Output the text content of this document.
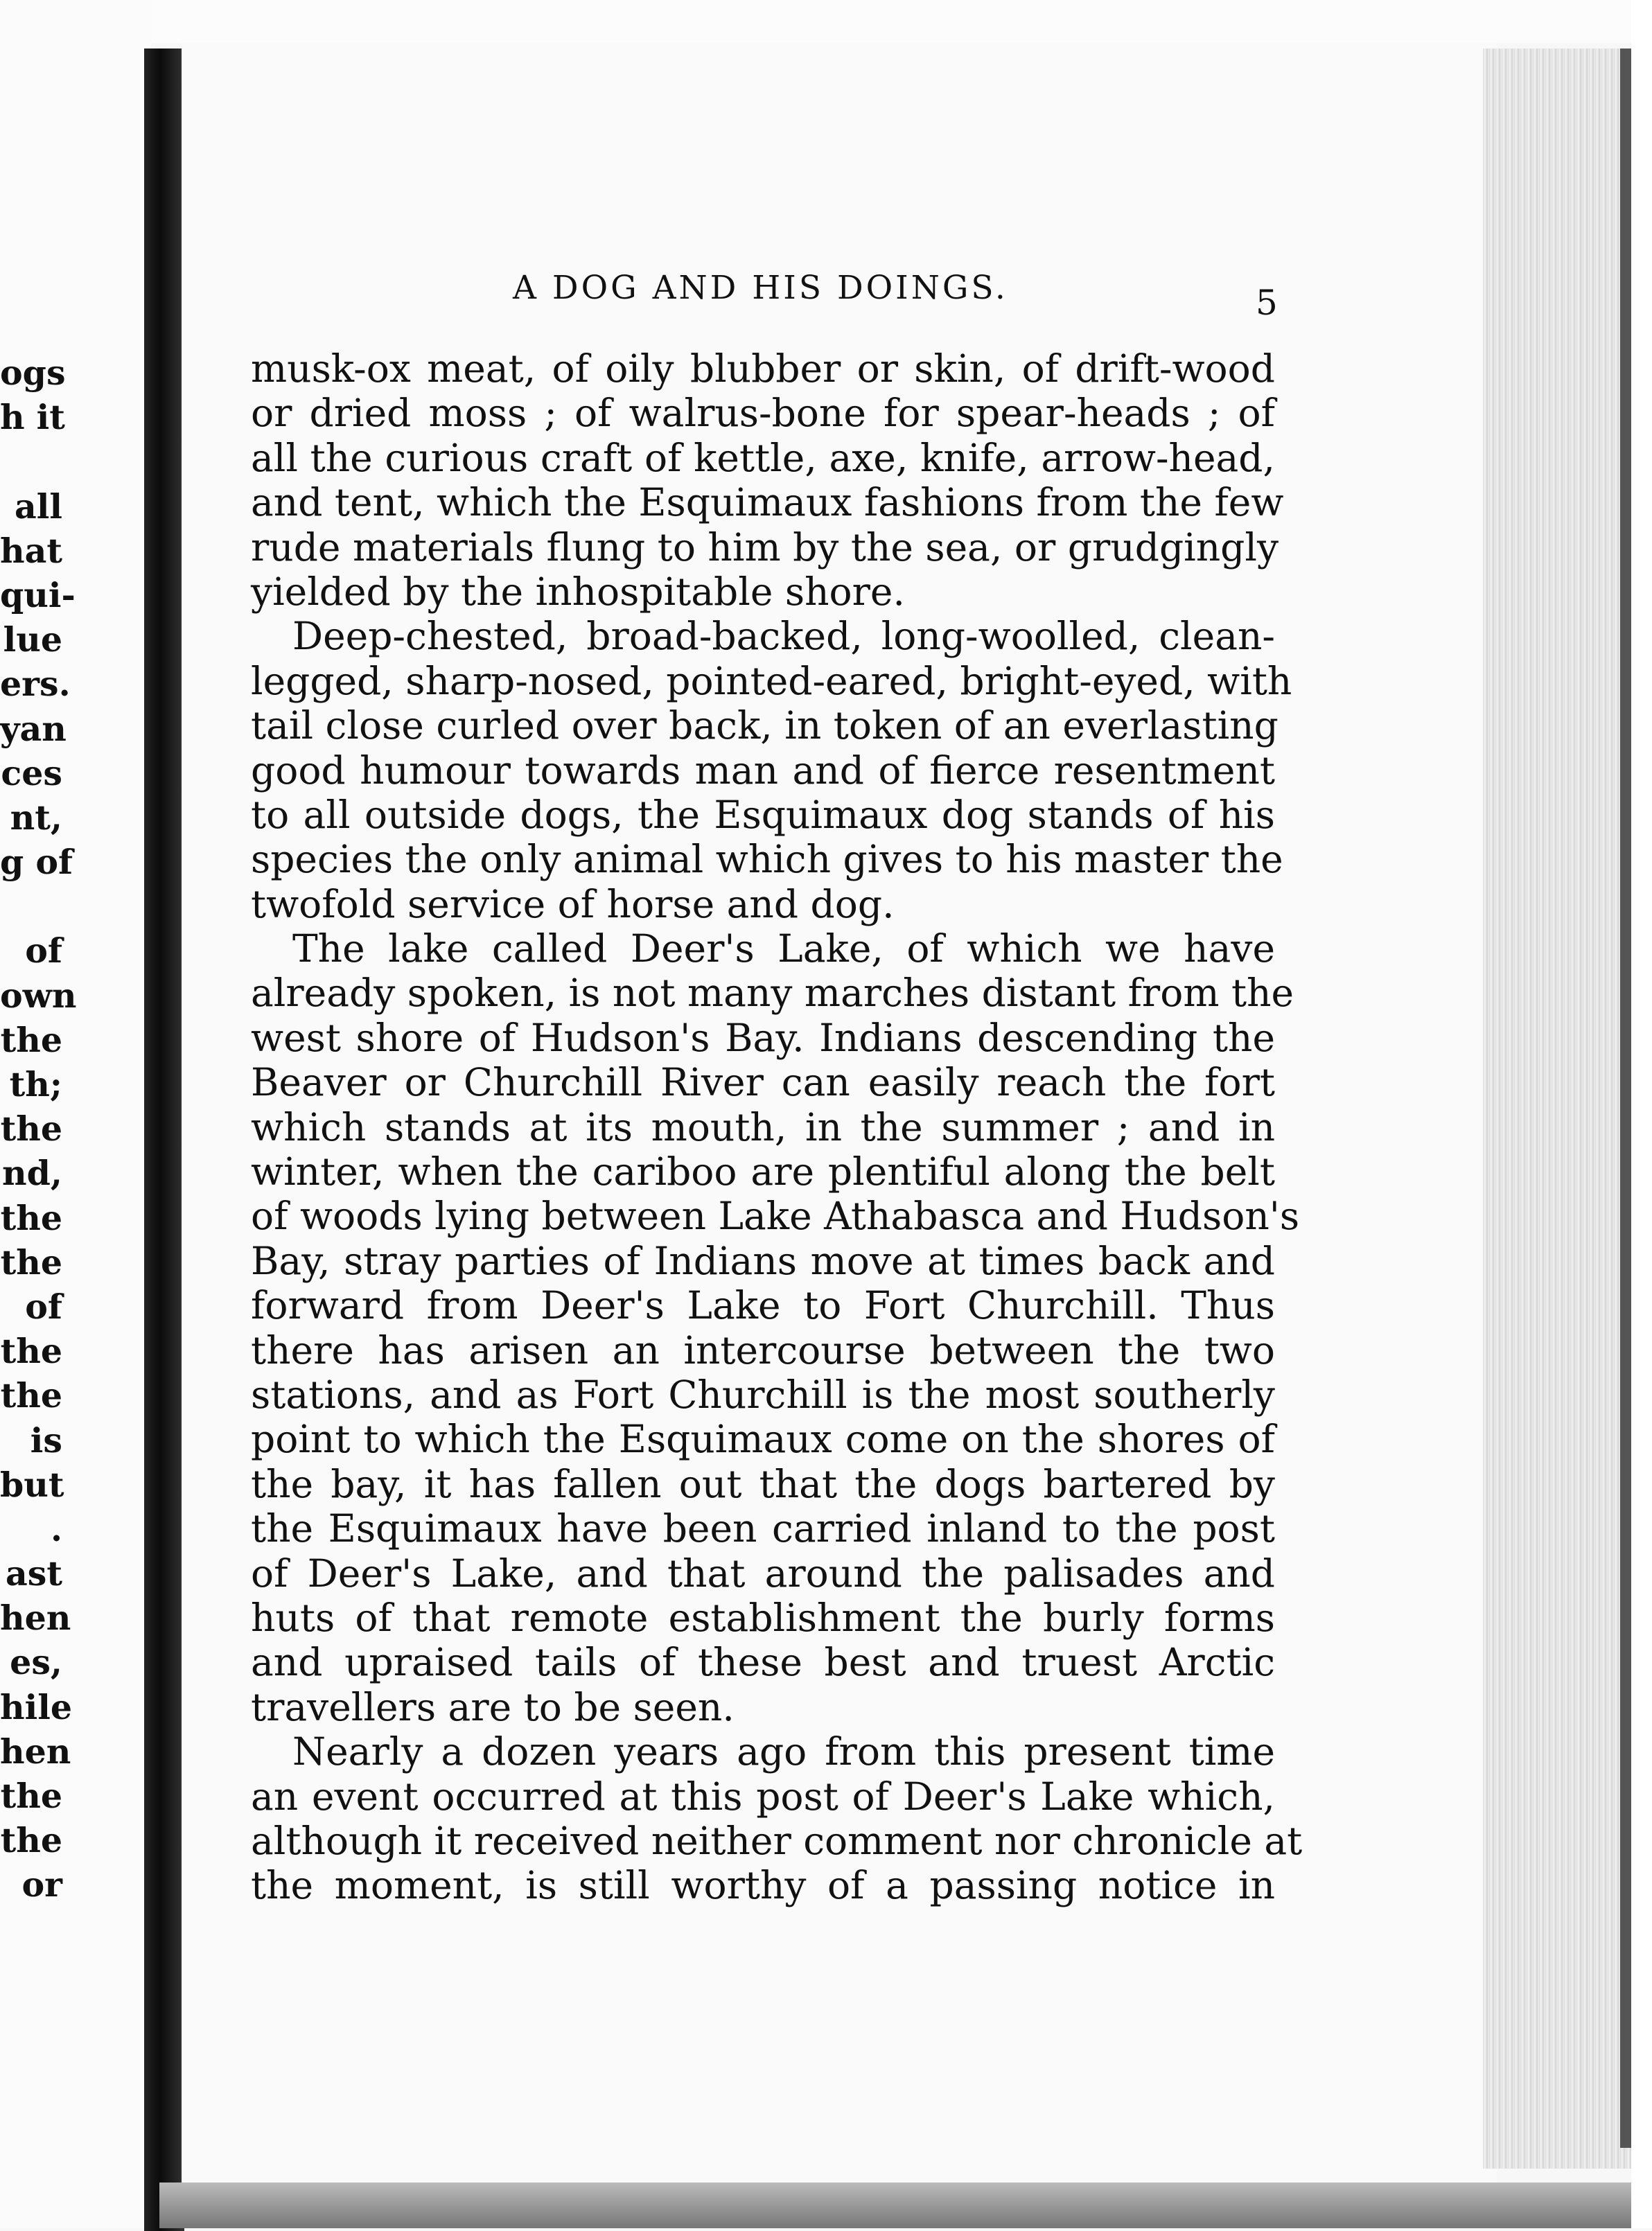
ogs
h it
all
hat
qui-
lue
ers.
yan
ces
nt,
g of
of
own
the
th;
the
nd,
the
the
of
the
the
is
but
.
ast
hen
es,
hile
hen
the
the
or
A DOG AND HIS DOINGS.	5
musk-ox meat, of oily blubber or skin, of drift-wood
or dried moss ; of walrus-bone for spear-heads ; of
all the curious craft of kettle, axe, knife, arrow-head,
and tent, which the Esquimaux fashions from the few
rude materials flung to him by the sea, or grudgingly
yielded by the inhospitable shore.
Deep-chested, broad-backed, long-woolled, clean-
legged, sharp-nosed, pointed-eared, bright-eyed, with
tail close curled over back, in token of an everlasting
good humour towards man and of fierce resentment
to all outside dogs, the Esquimaux dog stands of his
species the only animal which gives to his master the
twofold service of horse and dog.
The lake called Deer's Lake, of which we have
already spoken, is not many marches distant from the
west shore of Hudson's Bay. Indians descending the
Beaver or Churchill River can easily reach the fort
which stands at its mouth, in the summer ; and in
winter, when the cariboo are plentiful along the belt
of woods lying between Lake Athabasca and Hudson's
Bay, stray parties of Indians move at times back and
forward from Deer's Lake to Fort Churchill. Thus
there has arisen an intercourse between the two
stations, and as Fort Churchill is the most southerly
point to which the Esquimaux come on the shores of
the bay, it has fallen out that the dogs bartered by
the Esquimaux have been carried inland to the post
of Deer's Lake, and that around the palisades and
huts of that remote establishment the burly forms
and upraised tails of these best and truest Arctic
travellers are to be seen.
Nearly a dozen years ago from this present time
an event occurred at this post of Deer's Lake which,
although it received neither comment nor chronicle at
the moment, is still worthy of a passing notice in
